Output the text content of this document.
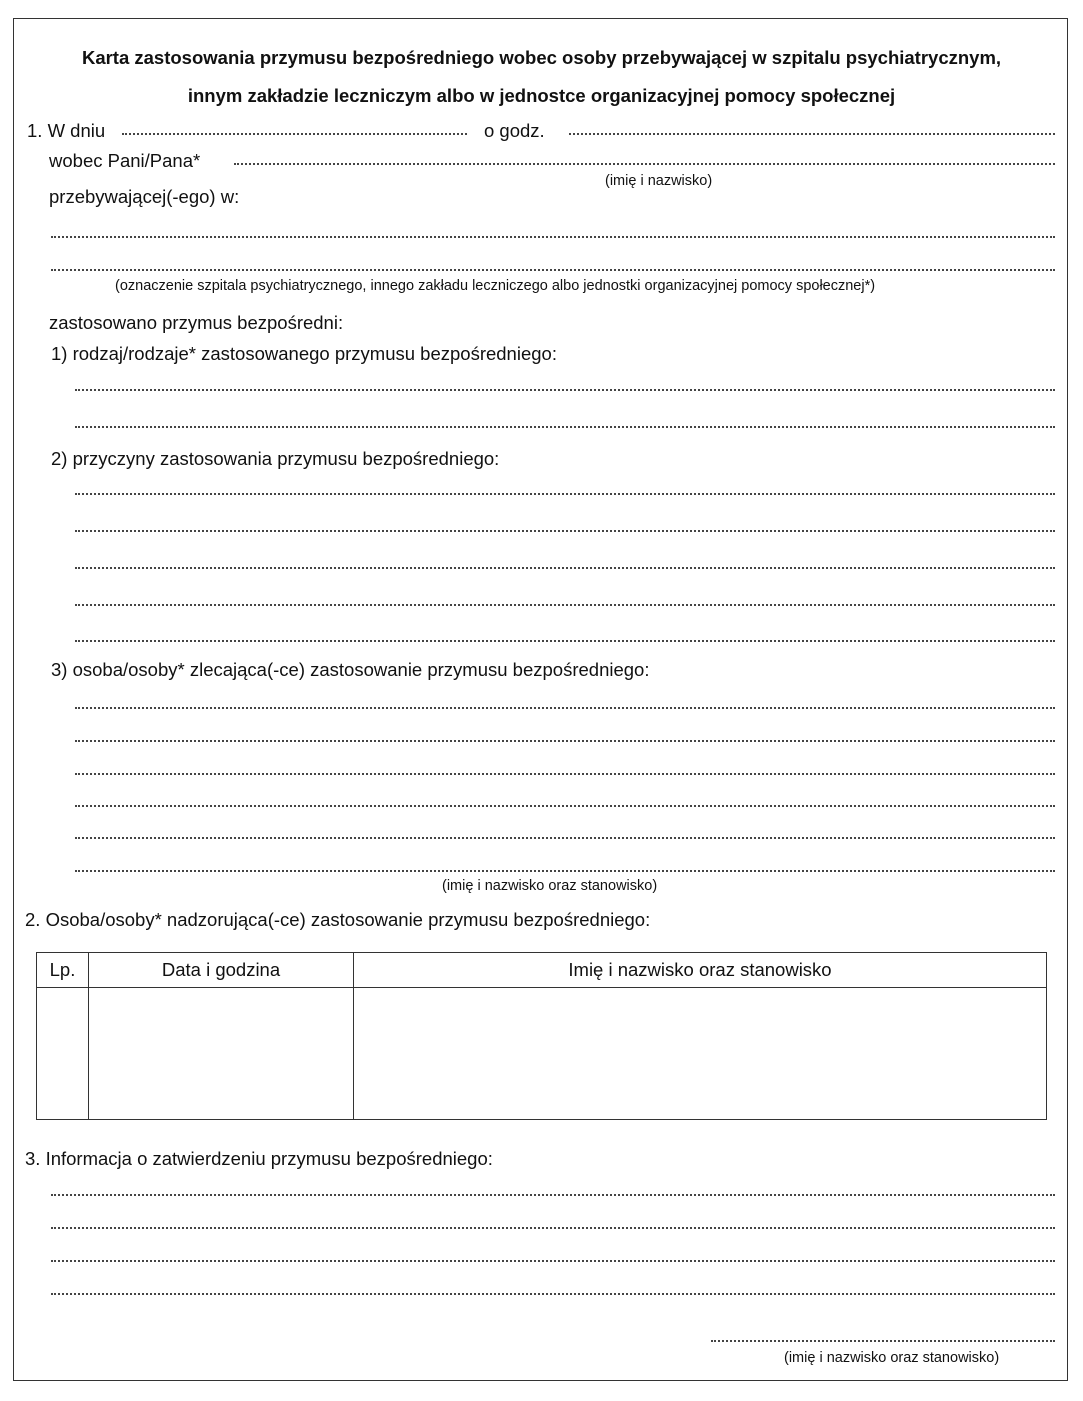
Karta zastosowania przymusu bezpośredniego wobec osoby przebywającej w szpitalu psychiatrycznym,
innym zakładzie leczniczym albo w jednostce organizacyjnej pomocy społecznej
1. W dniu	o godz.
wobec Pani/Pana*
(imię i nazwisko)
przebywającej(-ego) w:
(oznaczenie szpitala psychiatrycznego, innego zakładu leczniczego albo jednostki organizacyjnej pomocy społecznej*)
zastosowano przymus bezpośredni:
1) rodzaj/rodzaje* zastosowanego przymusu bezpośredniego:
2) przyczyny zastosowania przymusu bezpośredniego:
3) osoba/osoby* zlecająca(-ce) zastosowanie przymusu bezpośredniego:
(imię i nazwisko oraz stanowisko)
2. Osoba/osoby* nadzorująca(-ce) zastosowanie przymusu bezpośredniego:
Lp.	Data i godzina	Imię i nazwisko oraz stanowisko

3. Informacja o zatwierdzeniu przymusu bezpośredniego:
(imię i nazwisko oraz stanowisko)
